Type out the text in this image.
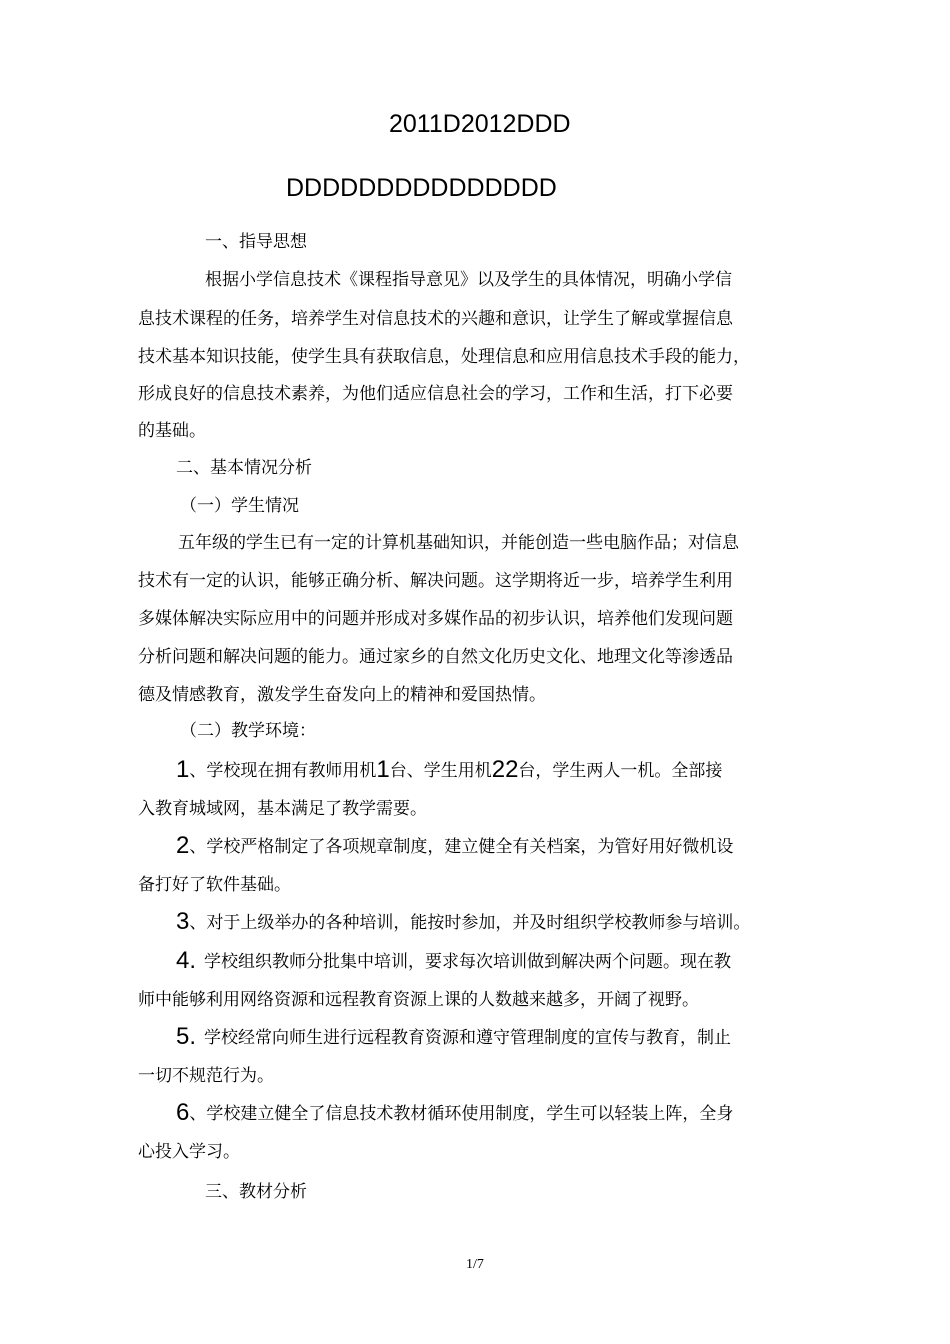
2011D2012DDD
DDDDDDDDDDDDDDD
一、指导思想
根据小学信息技术《课程指导意见》以及学生的具体情况，明确小学信
息技术课程的任务，培养学生对信息技术的兴趣和意识，让学生了解或掌握信息
技术基本知识技能，使学生具有获取信息，处理信息和应用信息技术手段的能力，
形成良好的信息技术素养，为他们适应信息社会的学习，工作和生活，打下必要
的基础。
二、基本情况分析
（一）学生情况
五年级的学生已有一定的计算机基础知识，并能创造一些电脑作品；对信息
技术有一定的认识，能够正确分析、解决问题。这学期将近一步，培养学生利用
多媒体解决实际应用中的问题并形成对多媒作品的初步认识，培养他们发现问题
分析问题和解决问题的能力。通过家乡的自然文化历史文化、地理文化等渗透品
德及情感教育，激发学生奋发向上的精神和爱国热情。
（二）教学环境：
1、学校现在拥有教师用机1台、学生用机22台，学生两人一机。全部接
入教育城域网，基本满足了教学需要。
2、学校严格制定了各项规章制度，建立健全有关档案，为管好用好微机设
备打好了软件基础。
3、对于上级举办的各种培训，能按时参加，并及时组织学校教师参与培训。
4. 学校组织教师分批集中培训，要求每次培训做到解决两个问题。现在教
师中能够利用网络资源和远程教育资源上课的人数越来越多，开阔了视野。
5. 学校经常向师生进行远程教育资源和遵守管理制度的宣传与教育，制止
一切不规范行为。
6、学校建立健全了信息技术教材循环使用制度，学生可以轻装上阵，全身
心投入学习。
三、教材分析
1/7
